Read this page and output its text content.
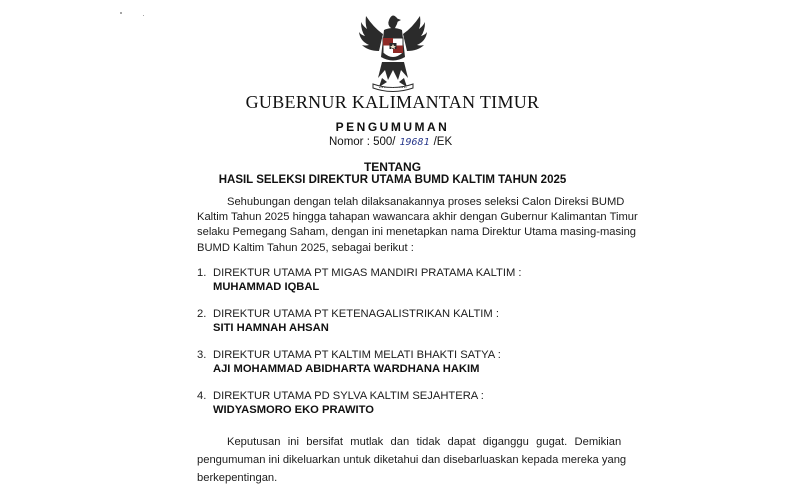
GUBERNUR KALIMANTAN TIMUR
PENGUMUMAN
Nomor : 500/ 19681 /EK
TENTANG
HASIL SELEKSI DIREKTUR UTAMA BUMD KALTIM TAHUN 2025
Sehubungan dengan telah dilaksanakannya proses seleksi Calon Direksi BUMD
Kaltim Tahun 2025 hingga tahapan wawancara akhir dengan Gubernur Kalimantan Timur
selaku Pemegang Saham, dengan ini menetapkan nama Direktur Utama masing-masing
BUMD Kaltim Tahun 2025, sebagai berikut :
1. DIREKTUR UTAMA PT MIGAS MANDIRI PRATAMA KALTIM :
MUHAMMAD IQBAL
2. DIREKTUR UTAMA PT KETENAGALISTRIKAN KALTIM :
SITI HAMNAH AHSAN
3. DIREKTUR UTAMA PT KALTIM MELATI BHAKTI SATYA :
AJI MOHAMMAD ABIDHARTA WARDHANA HAKIM
4. DIREKTUR UTAMA PD SYLVA KALTIM SEJAHTERA :
WIDYASMORO EKO PRAWITO
Keputusan ini bersifat mutlak dan tidak dapat diganggu gugat. Demikian
pengumuman ini dikeluarkan untuk diketahui dan disebarluaskan kepada mereka yang
berkepentingan.
